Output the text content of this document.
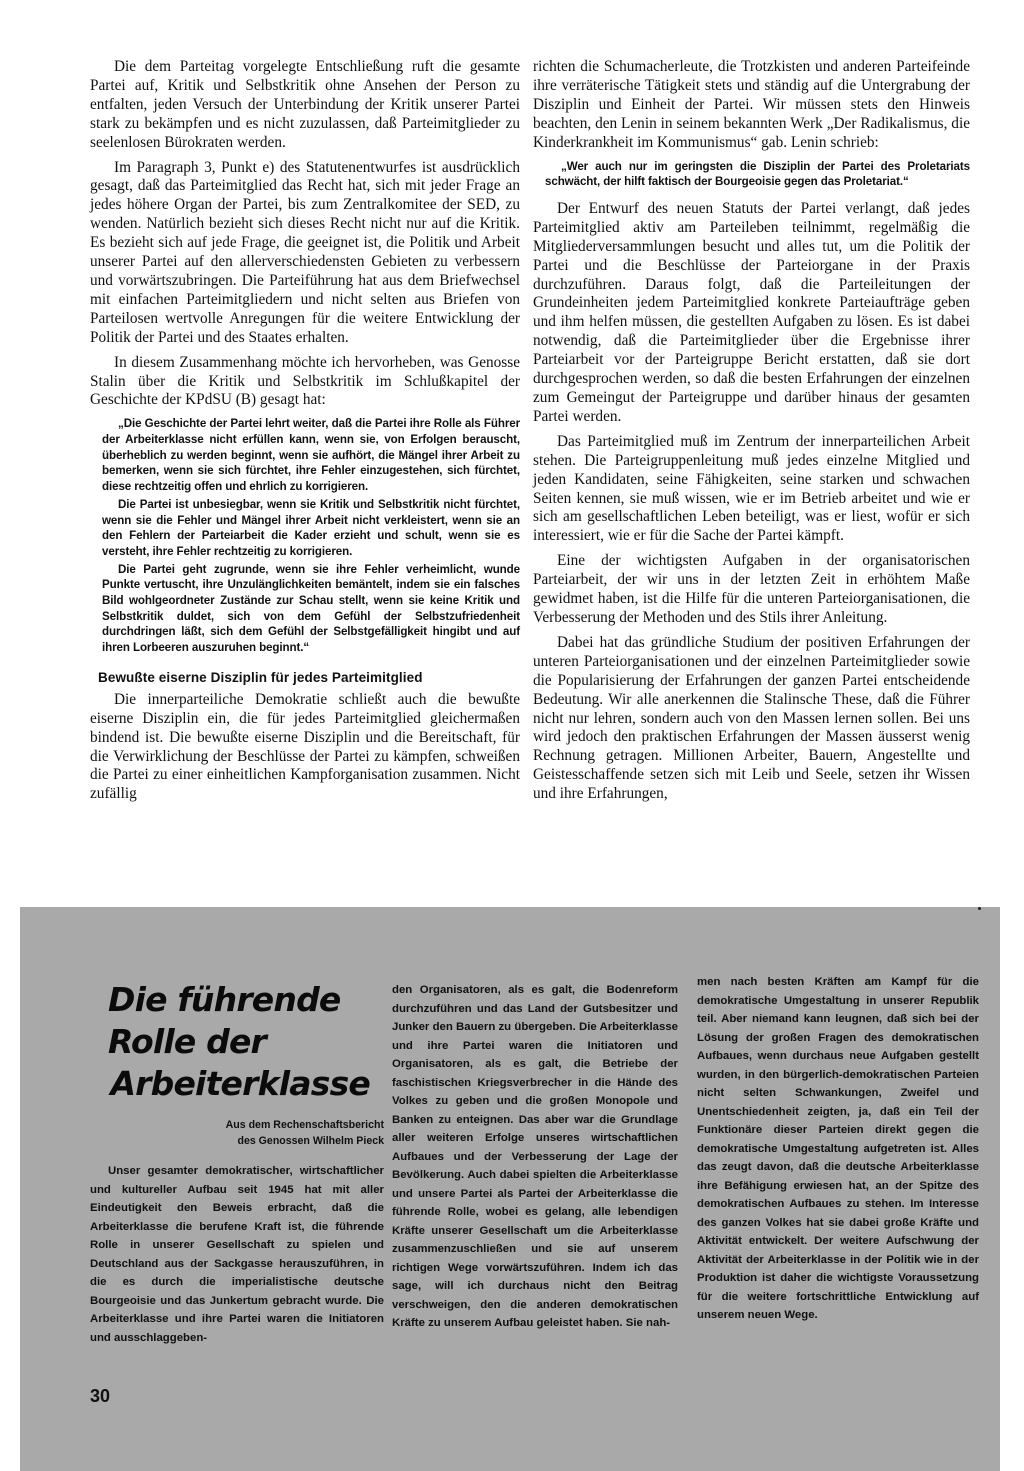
Die dem Parteitag vorgelegte Entschließung ruft die gesamte Partei auf, Kritik und Selbstkritik ohne Ansehen der Person zu entfalten, jeden Versuch der Unterbindung der Kritik unserer Partei stark zu bekämpfen und es nicht zuzulassen, daß Parteimitglieder zu seelenlosen Bürokraten werden.

Im Paragraph 3, Punkt e) des Statutenentwurfes ist ausdrücklich gesagt, daß das Parteimitglied das Recht hat, sich mit jeder Frage an jedes höhere Organ der Partei, bis zum Zentralkomitee der SED, zu wenden. Natürlich bezieht sich dieses Recht nicht nur auf die Kritik. Es bezieht sich auf jede Frage, die geeignet ist, die Politik und Arbeit unserer Partei auf den allerverschiedensten Gebieten zu verbessern und vorwärtszubringen. Die Parteiführung hat aus dem Briefwechsel mit einfachen Parteimitgliedern und nicht selten aus Briefen von Parteilosen wertvolle Anregungen für die weitere Entwicklung der Politik der Partei und des Staates erhalten.

In diesem Zusammenhang möchte ich hervorheben, was Genosse Stalin über die Kritik und Selbstkritik im Schlußkapitel der Geschichte der KPdSU (B) gesagt hat:

„Die Geschichte der Partei lehrt weiter, daß die Partei ihre Rolle als Führer der Arbeiterklasse nicht erfüllen kann, wenn sie, von Erfolgen berauscht, überheblich zu werden beginnt, wenn sie aufhört, die Mängel ihrer Arbeit zu bemerken, wenn sie sich fürchtet, ihre Fehler einzugestehen, sich fürchtet, diese rechtzeitig offen und ehrlich zu korrigieren.

Die Partei ist unbesiegbar, wenn sie Kritik und Selbstkritik nicht fürchtet, wenn sie die Fehler und Mängel ihrer Arbeit nicht verkleistert, wenn sie an den Fehlern der Parteiarbeit die Kader erzieht und schult, wenn sie es versteht, ihre Fehler rechtzeitig zu korrigieren.

Die Partei geht zugrunde, wenn sie ihre Fehler verheimlicht, wunde Punkte vertuscht, ihre Unzulänglichkeiten bemäntelt, indem sie ein falsches Bild wohlgeordneter Zustände zur Schau stellt, wenn sie keine Kritik und Selbstkritik duldet, sich von dem Gefühl der Selbstzufriedenheit durchdringen läßt, sich dem Gefühl der Selbstgefälligkeit hingibt und auf ihren Lorbeeren auszuruhen beginnt.“

Bewußte eiserne Disziplin für jedes Parteimitglied

Die innerparteiliche Demokratie schließt auch die bewußte eiserne Disziplin ein, die für jedes Parteimitglied gleichermaßen bindend ist. Die bewußte eiserne Disziplin und die Bereitschaft, für die Verwirklichung der Beschlüsse der Partei zu kämpfen, schweißen die Partei zu einer einheitlichen Kampforganisation zusammen. Nicht zufällig

richten die Schumacherleute, die Trotzkisten und anderen Parteifeinde ihre verräterische Tätigkeit stets und ständig auf die Untergrabung der Disziplin und Einheit der Partei. Wir müssen stets den Hinweis beachten, den Lenin in seinem bekannten Werk „Der Radikalismus, die Kinderkrankheit im Kommunismus“ gab. Lenin schrieb:

„Wer auch nur im geringsten die Disziplin der Partei des Proletariats schwächt, der hilft faktisch der Bourgeoisie gegen das Proletariat.“

Der Entwurf des neuen Statuts der Partei verlangt, daß jedes Parteimitglied aktiv am Parteileben teilnimmt, regelmäßig die Mitgliederversammlungen besucht und alles tut, um die Politik der Partei und die Beschlüsse der Parteiorgane in der Praxis durchzuführen. Daraus folgt, daß die Parteileitungen der Grundeinheiten jedem Parteimitglied konkrete Parteiaufträge geben und ihm helfen müssen, die gestellten Aufgaben zu lösen. Es ist dabei notwendig, daß die Parteimitglieder über die Ergebnisse ihrer Parteiarbeit vor der Parteigruppe Bericht erstatten, daß sie dort durchgesprochen werden, so daß die besten Erfahrungen der einzelnen zum Gemeingut der Parteigruppe und darüber hinaus der gesamten Partei werden.

Das Parteimitglied muß im Zentrum der innerparteilichen Arbeit stehen. Die Parteigruppenleitung muß jedes einzelne Mitglied und jeden Kandidaten, seine Fähigkeiten, seine starken und schwachen Seiten kennen, sie muß wissen, wie er im Betrieb arbeitet und wie er sich am gesellschaftlichen Leben beteiligt, was er liest, wofür er sich interessiert, wie er für die Sache der Partei kämpft.

Eine der wichtigsten Aufgaben in der organisatorischen Parteiarbeit, der wir uns in der letzten Zeit in erhöhtem Maße gewidmet haben, ist die Hilfe für die unteren Parteiorganisationen, die Verbesserung der Methoden und des Stils ihrer Anleitung.

Dabei hat das gründliche Studium der positiven Erfahrungen der unteren Parteiorganisationen und der einzelnen Parteimitglieder sowie die Popularisierung der Erfahrungen der ganzen Partei entscheidende Bedeutung. Wir alle anerkennen die Stalinsche These, daß die Führer nicht nur lehren, sondern auch von den Massen lernen sollen. Bei uns wird jedoch den praktischen Erfahrungen der Massen äusserst wenig Rechnung getragen. Millionen Arbeiter, Bauern, Angestellte und Geistesschaffende setzen sich mit Leib und Seele, setzen ihr Wissen und ihre Erfahrungen,

Die führende
Rolle der
Arbeiterklasse
Aus dem Rechenschaftsbericht
des Genossen Wilhelm Pieck

Unser gesamter demokratischer, wirtschaftlicher und kultureller Aufbau seit 1945 hat mit aller Eindeutigkeit den Beweis erbracht, daß die Arbeiterklasse die berufene Kraft ist, die führende Rolle in unserer Gesellschaft zu spielen und Deutschland aus der Sackgasse herauszuführen, in die es durch die imperialistische deutsche Bourgeoisie und das Junkertum gebracht wurde. Die Arbeiterklasse und ihre Partei waren die Initiatoren und ausschlaggeben-

den Organisatoren, als es galt, die Bodenreform durchzuführen und das Land der Gutsbesitzer und Junker den Bauern zu übergeben. Die Arbeiterklasse und ihre Partei waren die Initiatoren und Organisatoren, als es galt, die Betriebe der faschistischen Kriegsverbrecher in die Hände des Volkes zu geben und die großen Monopole und Banken zu enteignen. Das aber war die Grundlage aller weiteren Erfolge unseres wirtschaftlichen Aufbaues und der Verbesserung der Lage der Bevölkerung. Auch dabei spielten die Arbeiterklasse und unsere Partei als Partei der Arbeiterklasse die führende Rolle, wobei es gelang, alle lebendigen Kräfte unserer Gesellschaft um die Arbeiterklasse zusammenzuschließen und sie auf unserem richtigen Wege vorwärtszuführen. Indem ich das sage, will ich durchaus nicht den Beitrag verschweigen, den die anderen demokratischen Kräfte zu unserem Aufbau geleistet haben. Sie nah-

men nach besten Kräften am Kampf für die demokratische Umgestaltung in unserer Republik teil. Aber niemand kann leugnen, daß sich bei der Lösung der großen Fragen des demokratischen Aufbaues, wenn durchaus neue Aufgaben gestellt wurden, in den bürgerlich-demokratischen Parteien nicht selten Schwankungen, Zweifel und Unentschiedenheit zeigten, ja, daß ein Teil der Funktionäre dieser Parteien direkt gegen die demokratische Umgestaltung aufgetreten ist. Alles das zeugt davon, daß die deutsche Arbeiterklasse ihre Befähigung erwiesen hat, an der Spitze des demokratischen Aufbaues zu stehen. Im Interesse des ganzen Volkes hat sie dabei große Kräfte und Aktivität entwickelt. Der weitere Aufschwung der Aktivität der Arbeiterklasse in der Politik wie in der Produktion ist daher die wichtigste Voraussetzung für die weitere fortschrittliche Entwicklung auf unserem neuen Wege.

30
